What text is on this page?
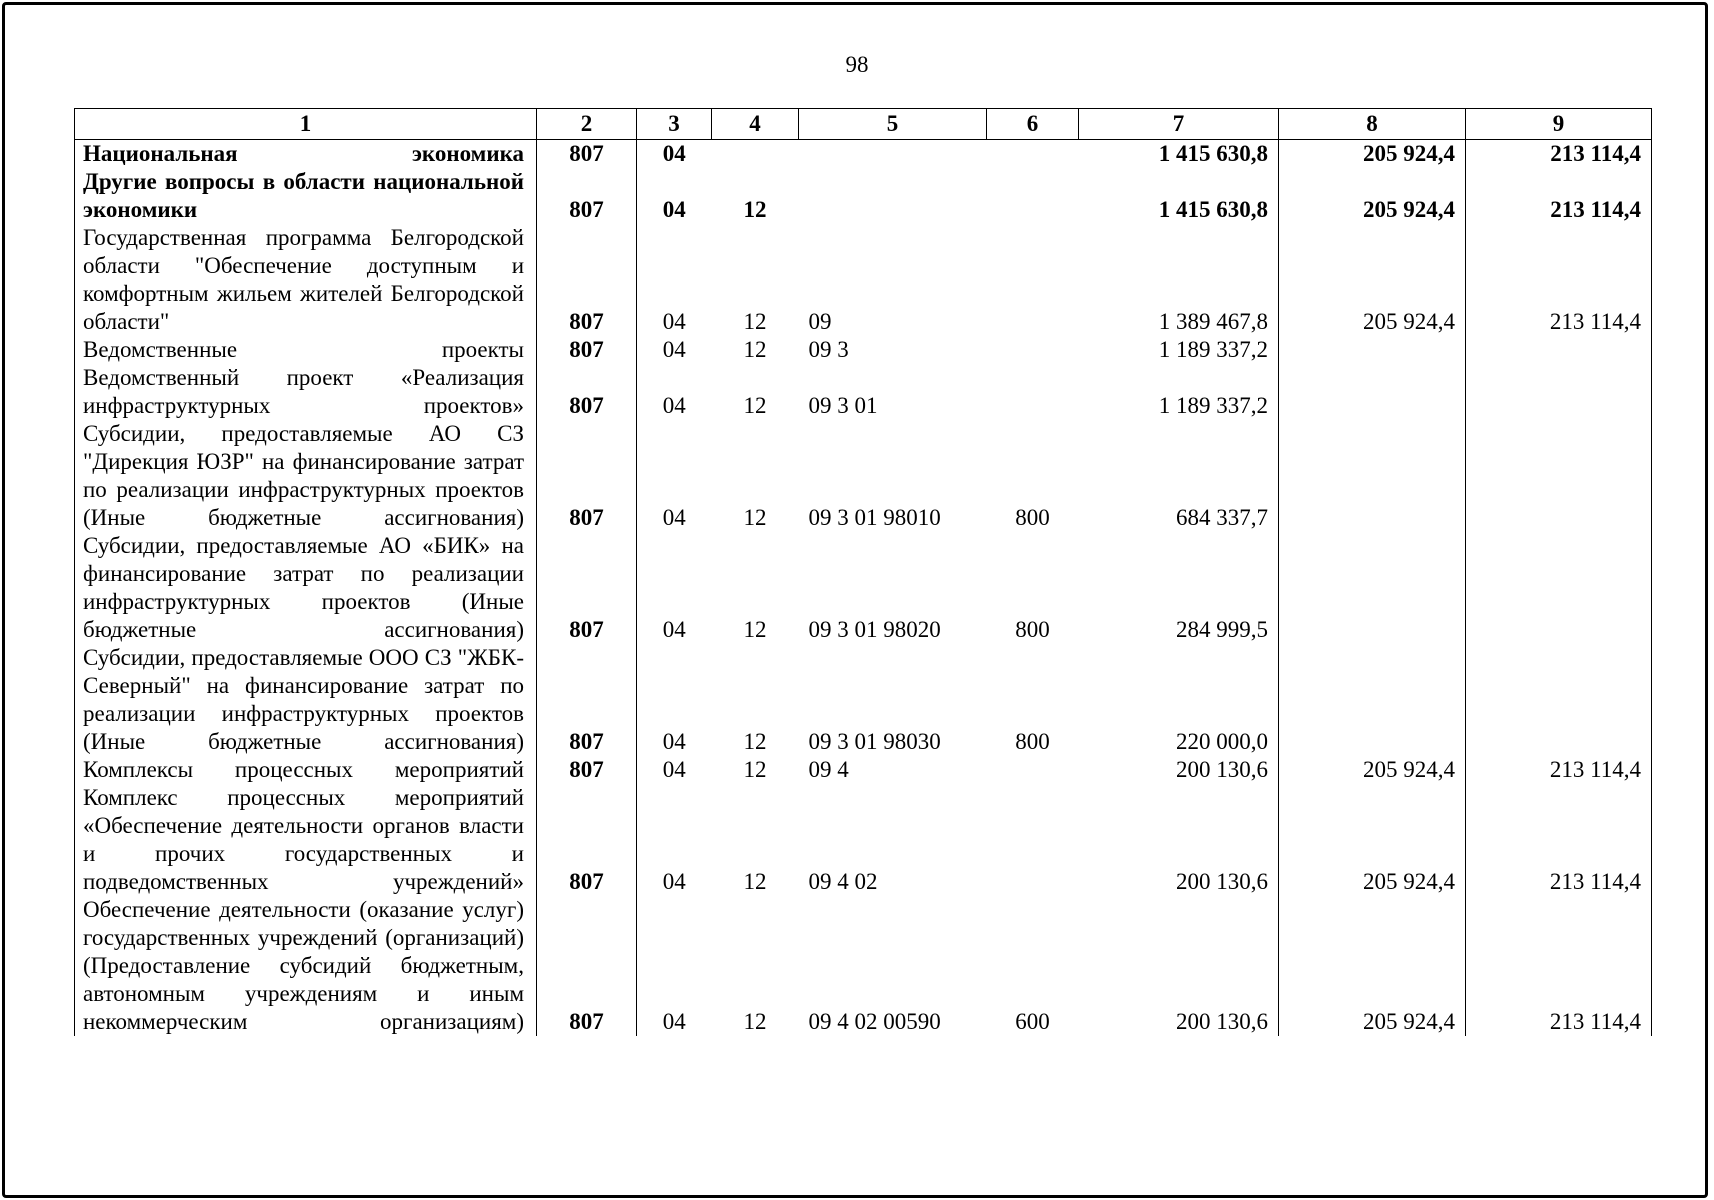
98
1	2	3	4	5	6	7	8	9
Национальная экономика	807	04				1 415 630,8	205 924,4	213 114,4
Другие вопросы в области национальной экономики	807	04	12			1 415 630,8	205 924,4	213 114,4
Государственная программа Белгородской области "Обеспечение доступным и комфортным жильем жителей Белгородской области"	807	04	12	09		1 389 467,8	205 924,4	213 114,4
Ведомственные проекты	807	04	12	09 3		1 189 337,2		
Ведомственный проект «Реализация инфраструктурных проектов»	807	04	12	09 3 01		1 189 337,2		
Субсидии, предоставляемые АО СЗ "Дирекция ЮЗР" на финансирование затрат по реализации инфраструктурных проектов (Иные бюджетные ассигнования)	807	04	12	09 3 01 98010	800	684 337,7		
Субсидии, предоставляемые АО «БИК» на финансирование затрат по реализации инфраструктурных проектов (Иные бюджетные ассигнования)	807	04	12	09 3 01 98020	800	284 999,5		
Субсидии, предоставляемые ООО СЗ "ЖБК-Северный" на финансирование затрат по реализации инфраструктурных проектов (Иные бюджетные ассигнования)	807	04	12	09 3 01 98030	800	220 000,0		
Комплексы процессных мероприятий	807	04	12	09 4		200 130,6	205 924,4	213 114,4
Комплекс процессных мероприятий «Обеспечение деятельности органов власти и прочих государственных и подведомственных учреждений»	807	04	12	09 4 02		200 130,6	205 924,4	213 114,4
Обеспечение деятельности (оказание услуг) государственных учреждений (организаций) (Предоставление субсидий бюджетным, автономным учреждениям и иным некоммерческим организациям)	807	04	12	09 4 02 00590	600	200 130,6	205 924,4	213 114,4
